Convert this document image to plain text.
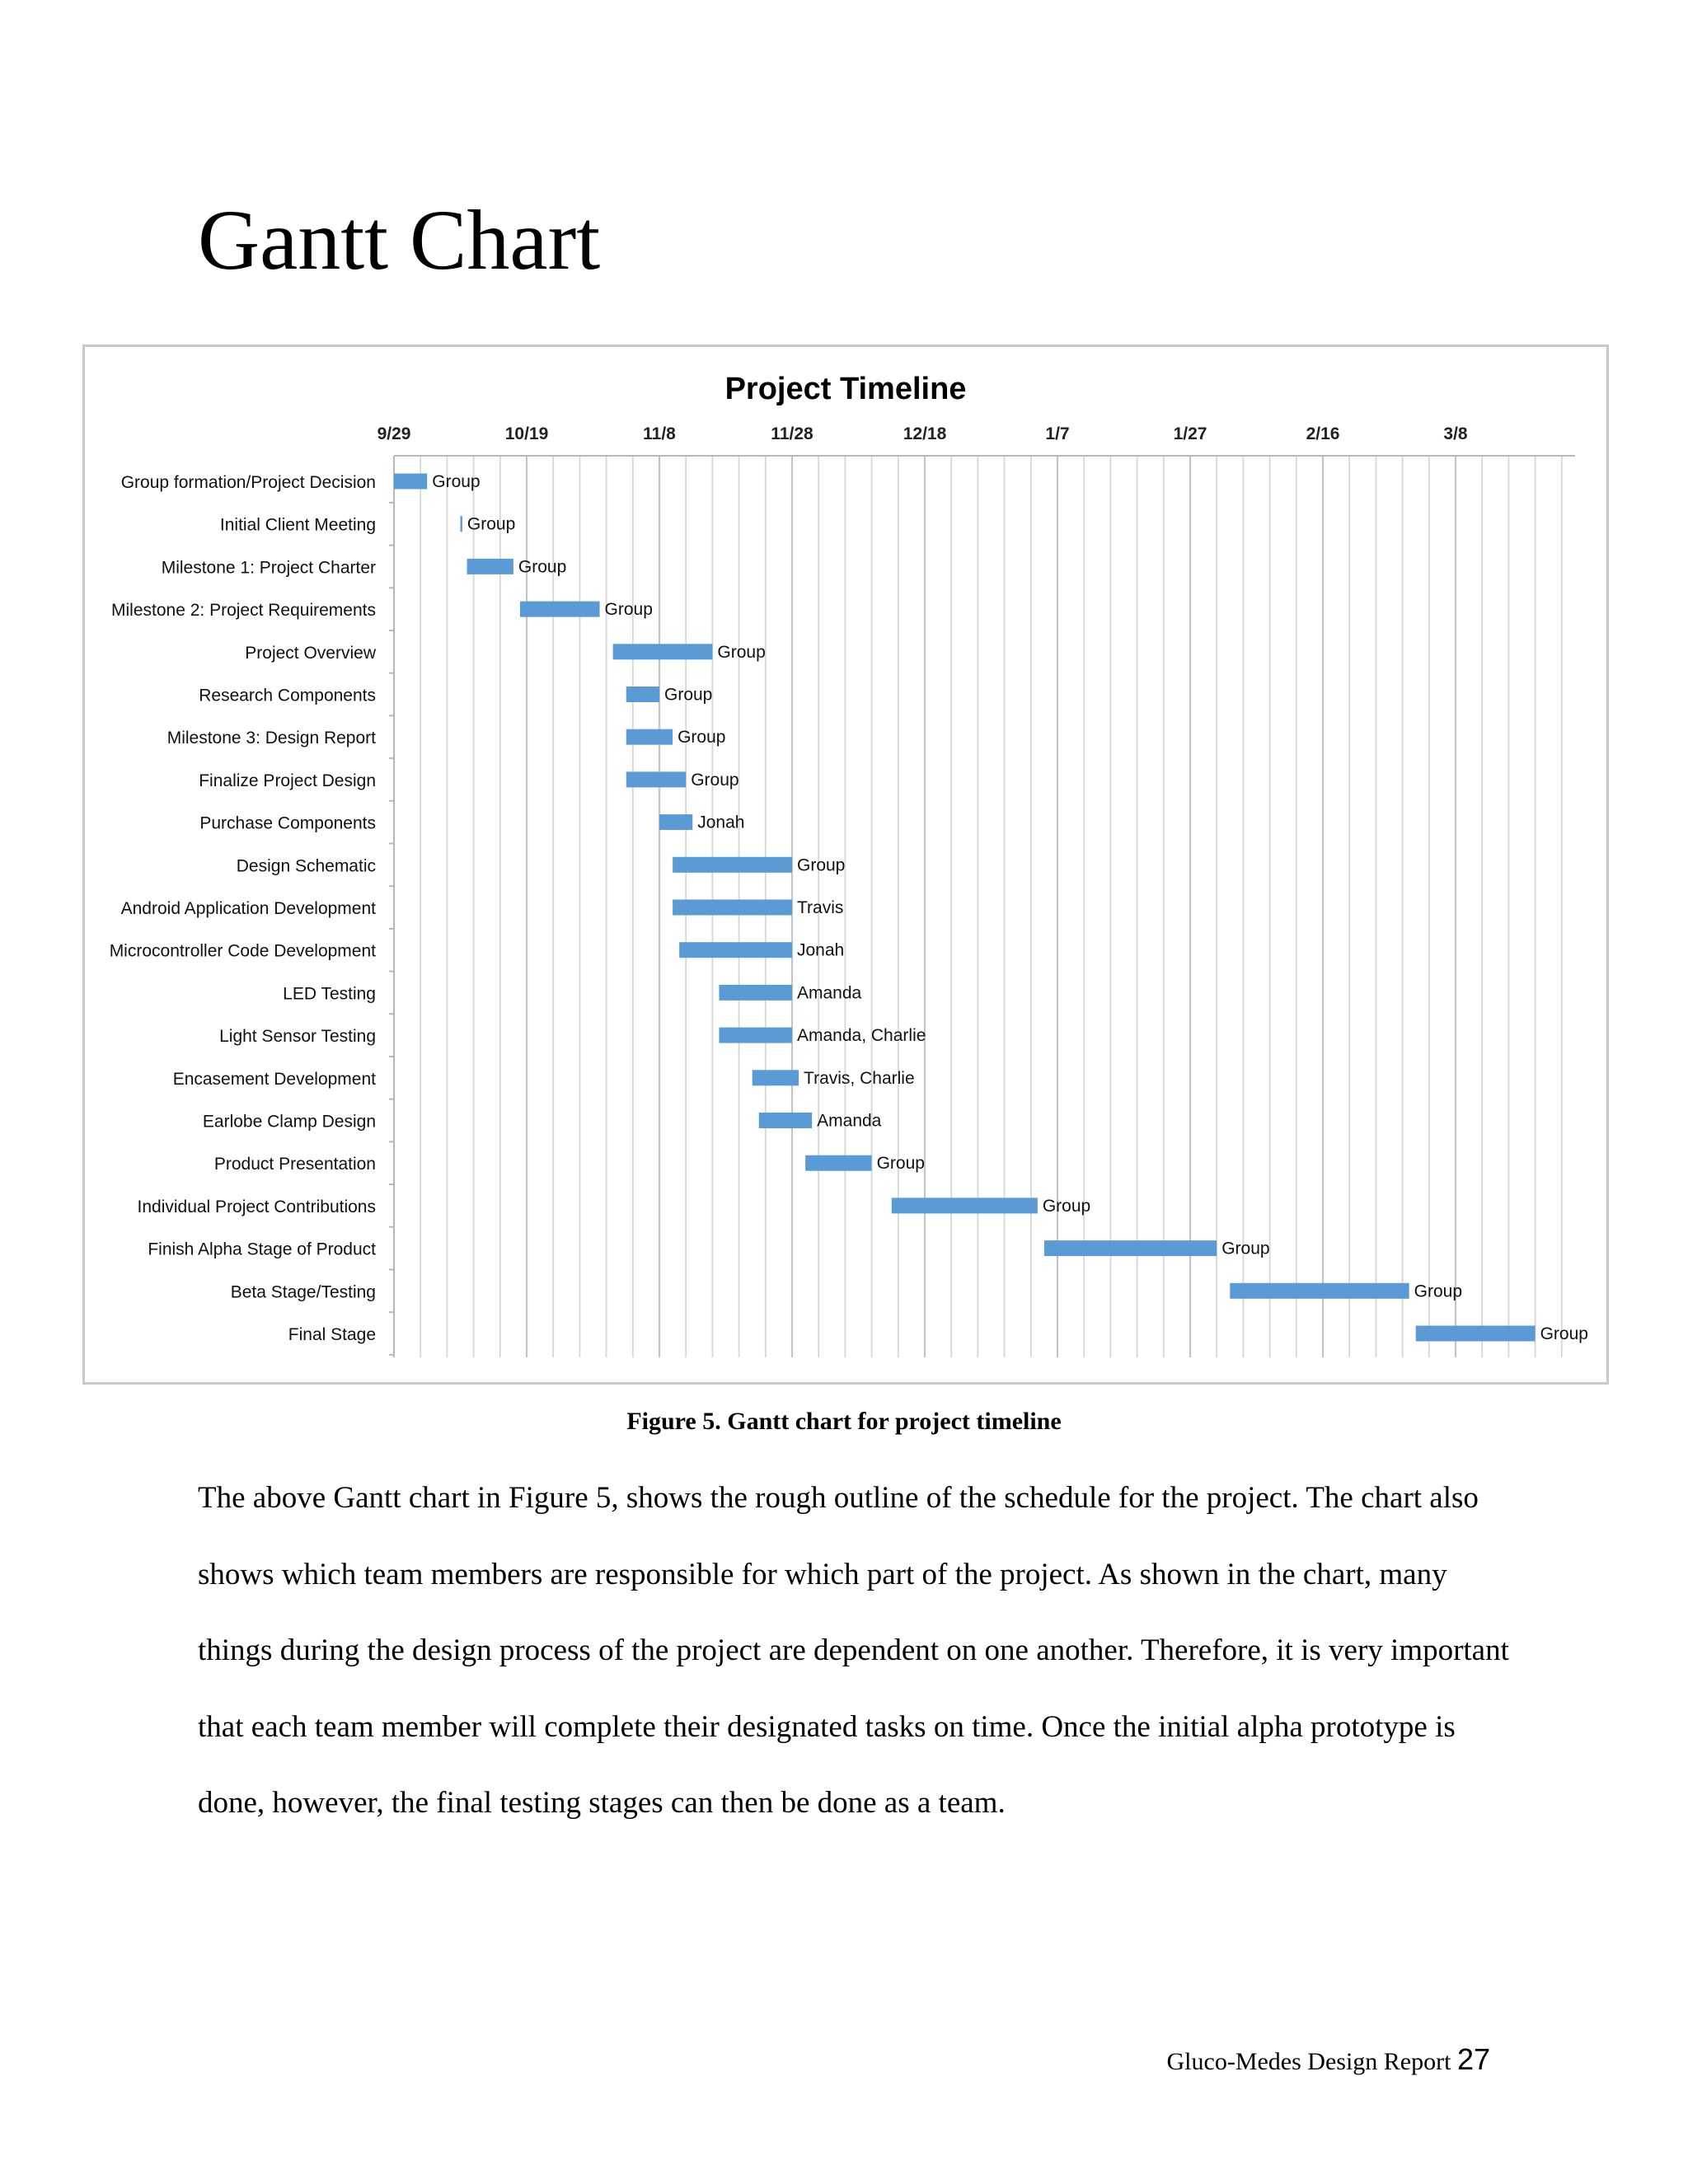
Gantt Chart
Project Timeline
9/29	10/19	11/8	11/28	12/18	1/7	1/27	2/16	3/8
Group formation/Project Decision	Group
Initial Client Meeting	Group
Milestone 1: Project Charter	Group
Milestone 2: Project Requirements	Group
Project Overview	Group
Research Components	Group
Milestone 3: Design Report	Group
Finalize Project Design	Group
Purchase Components	Jonah
Design Schematic	Group
Android Application Development	Travis
Microcontroller Code Development	Jonah
LED Testing	Amanda
Light Sensor Testing	Amanda, Charlie
Encasement Development	Travis, Charlie
Earlobe Clamp Design	Amanda
Product Presentation	Group
Individual Project Contributions	Group
Finish Alpha Stage of Product	Group
Beta Stage/Testing	Group
Final Stage	Group
Figure 5. Gantt chart for project timeline

The above Gantt chart in Figure 5, shows the rough outline of the schedule for the project. The chart also shows which team members are responsible for which part of the project. As shown in the chart, many things during the design process of the project are dependent on one another. Therefore, it is very important that each team member will complete their designated tasks on time. Once the initial alpha prototype is done, however, the final testing stages can then be done as a team.

Gluco-Medes Design Report 27
